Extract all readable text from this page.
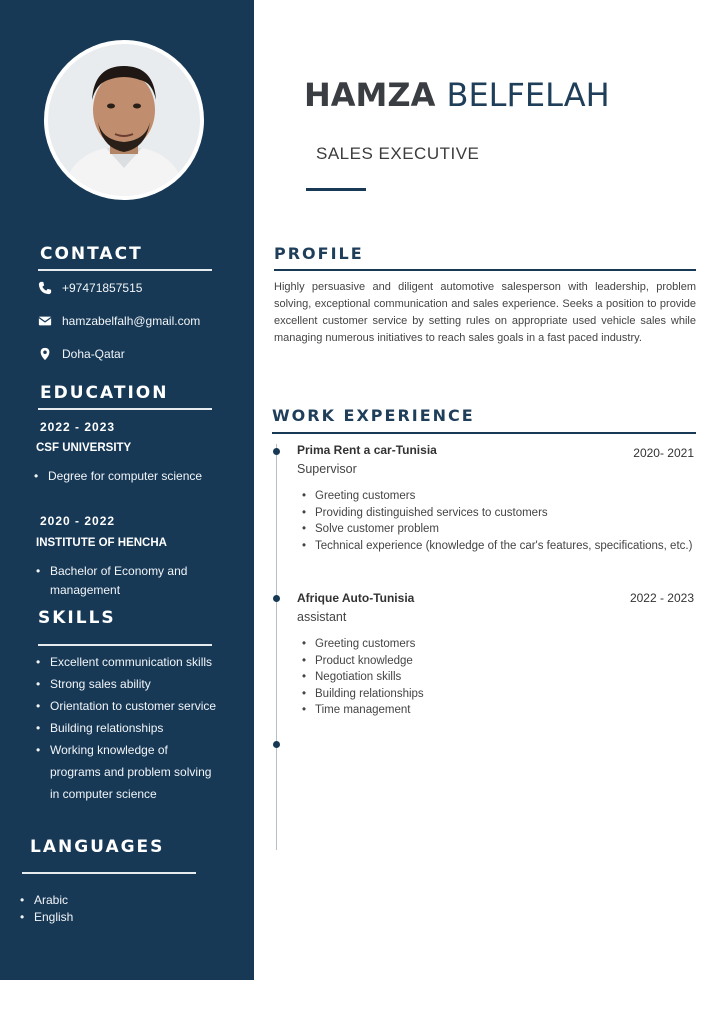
CONTACT
+97471857515
hamzabelfalh@gmail.com
Doha-Qatar
EDUCATION
2022 - 2023
CSF UNIVERSITY
• Degree for computer science
2020 - 2022
INSTITUTE OF HENCHA
• Bachelor of Economy and management
SKILLS
• Excellent communication skills
• Strong sales ability
• Orientation to customer service
• Building relationships
• Working knowledge of programs and problem solving in computer science
LANGUAGES
• Arabic
• English
HAMZA BELFELAH
SALES EXECUTIVE
PROFILE

Highly persuasive and diligent automotive salesperson with leadership, problem solving, exceptional communication and sales experience. Seeks a position to provide excellent customer service by setting rules on appropriate used vehicle sales while managing numerous initiatives to reach sales goals in a fast paced industry.

WORK EXPERIENCE
Prima Rent a car-Tunisia	2020- 2021
Supervisor
• Greeting customers
• Providing distinguished services to customers
• Solve customer problem
• Technical experience (knowledge of the car's features, specifications, etc.)
Afrique Auto-Tunisia	2022 - 2023
assistant
• Greeting customers
• Product knowledge
• Negotiation skills
• Building relationships
• Time management
